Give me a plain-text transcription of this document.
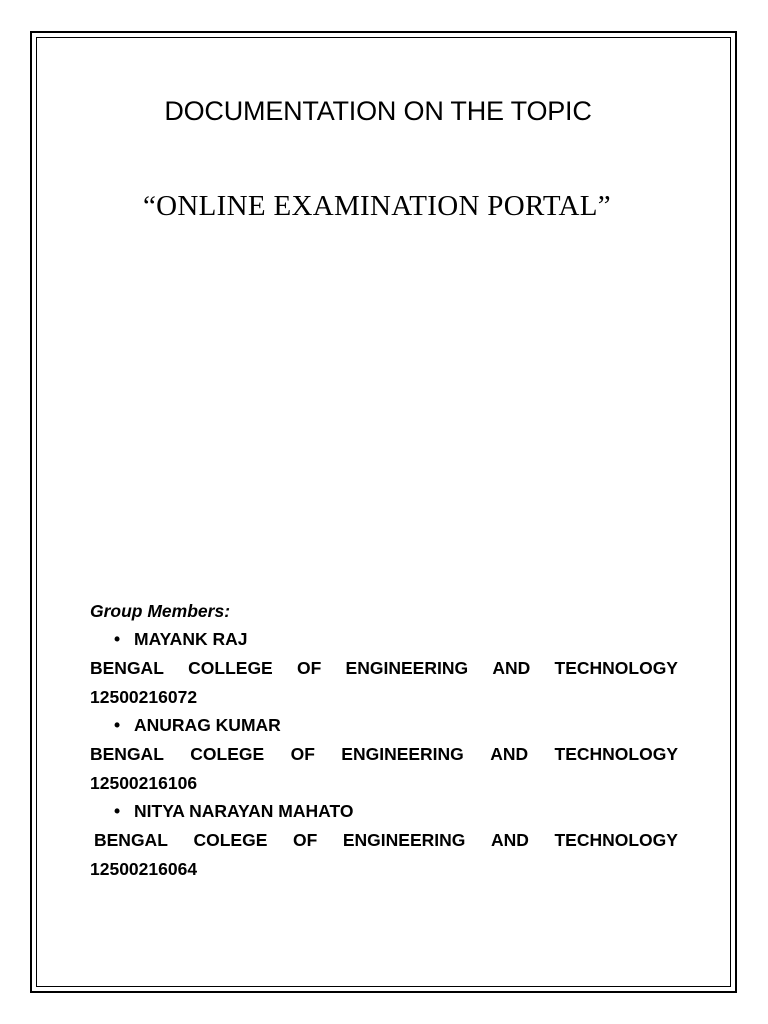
DOCUMENTATION ON THE TOPIC
“ONLINE EXAMINATION PORTAL”
Group Members:
• MAYANK RAJ
BENGAL COLLEGE OF ENGINEERING AND TECHNOLOGY
12500216072
• ANURAG KUMAR
BENGAL COLEGE OF ENGINEERING AND TECHNOLOGY
12500216106
• NITYA NARAYAN MAHATO
BENGAL COLEGE OF ENGINEERING AND TECHNOLOGY
12500216064
